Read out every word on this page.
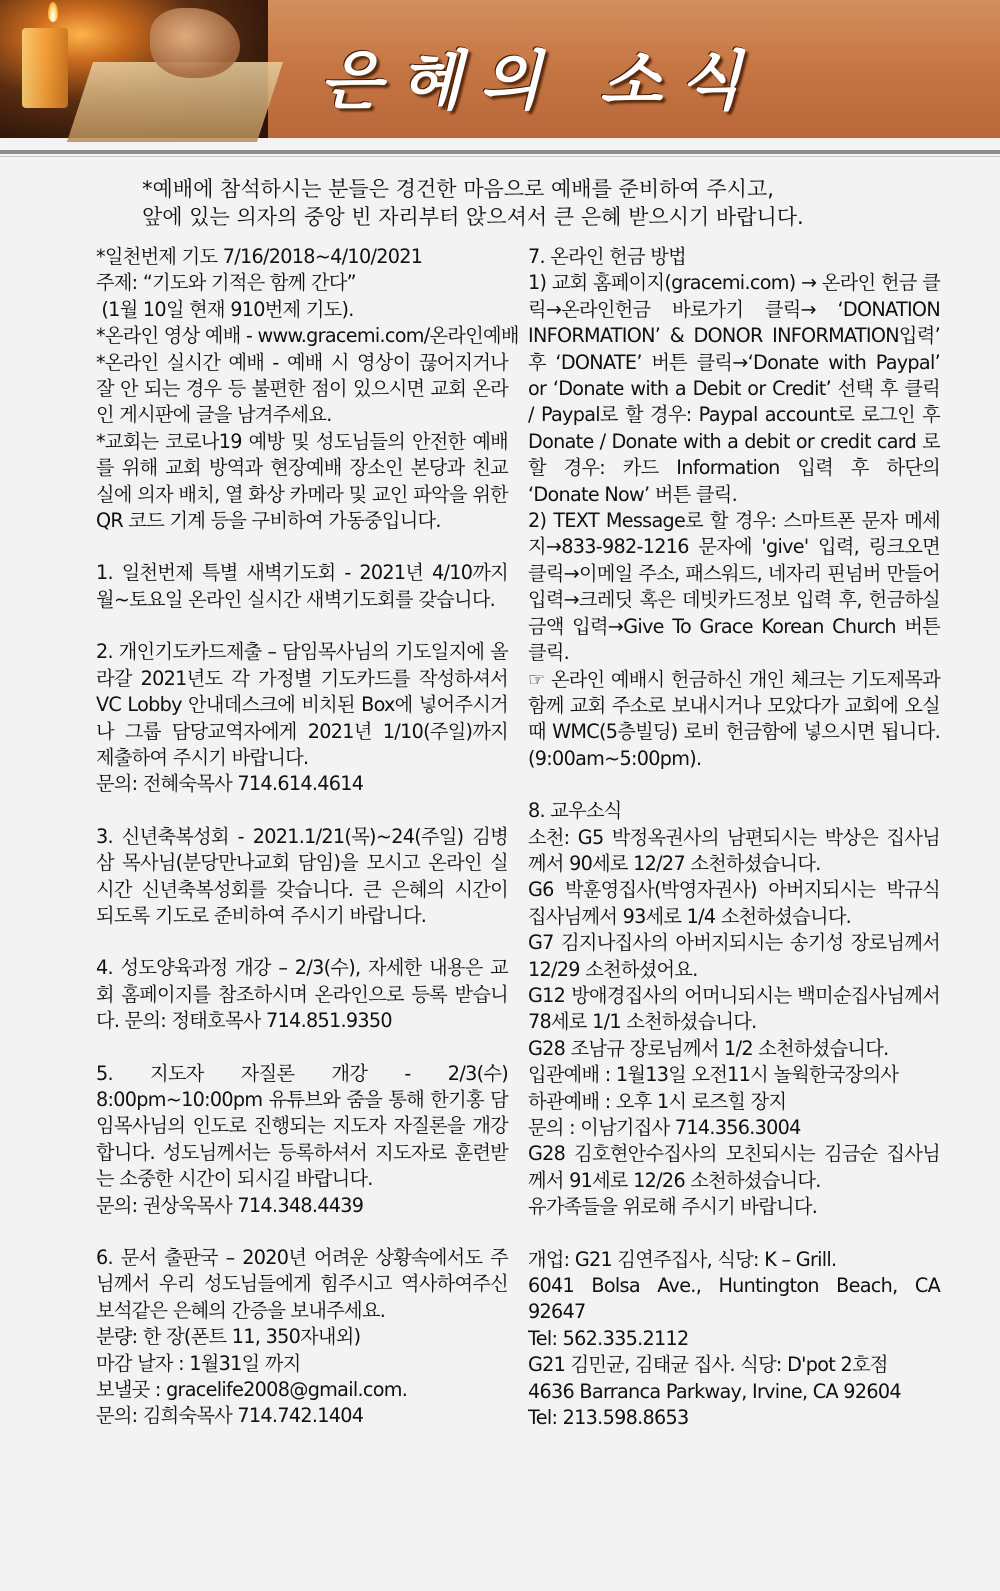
은혜의 소식

*예배에 참석하시는 분들은 경건한 마음으로 예배를 준비하여 주시고,

앞에 있는 의자의 중앙 빈 자리부터 앉으셔서 큰 은혜 받으시기 바랍니다.

*일천번제 기도 7/16/2018~4/10/2021

주제: “기도와 기적은 함께 간다”

(1월 10일 현재 910번제 기도).

*온라인 영상 예배 - www.gracemi.com/온라인예배

*온라인 실시간 예배 - 예배 시 영상이 끊어지거나 잘 안 되는 경우 등 불편한 점이 있으시면 교회 온라인 게시판에 글을 남겨주세요.

*교회는 코로나19 예방 및 성도님들의 안전한 예배를 위해 교회 방역과 현장예배 장소인 본당과 친교실에 의자 배치, 열 화상 카메라 및 교인 파악을 위한 QR 코드 기계 등을 구비하여 가동중입니다.

1. 일천번제 특별 새벽기도회 - 2021년 4/10까지 월~토요일 온라인 실시간 새벽기도회를 갖습니다.

2. 개인기도카드제출 – 담임목사님의 기도일지에 올라갈 2021년도 각 가정별 기도카드를 작성하셔서 VC Lobby 안내데스크에 비치된 Box에 넣어주시거나 그룹 담당교역자에게 2021년 1/10(주일)까지 제출하여 주시기 바랍니다.

문의: 전혜숙목사 714.614.4614

3. 신년축복성회 - 2021.1/21(목)~24(주일) 김병삼 목사님(분당만나교회 담임)을 모시고 온라인 실시간 신년축복성회를 갖습니다. 큰 은혜의 시간이 되도록 기도로 준비하여 주시기 바랍니다.

4. 성도양육과정 개강 – 2/3(수), 자세한 내용은 교회 홈페이지를 참조하시며 온라인으로 등록 받습니다. 문의: 정태호목사 714.851.9350

5. 지도자 자질론 개강 - 2/3(수) 8:00pm~10:00pm 유튜브와 줌을 통해 한기홍 담임목사님의 인도로 진행되는 지도자 자질론을 개강합니다. 성도님께서는 등록하셔서 지도자로 훈련받는 소중한 시간이 되시길 바랍니다.

문의: 권상욱목사 714.348.4439

6. 문서 출판국 – 2020년 어려운 상황속에서도 주님께서 우리 성도님들에게 힘주시고 역사하여주신 보석같은 은혜의 간증을 보내주세요.

분량: 한 장(폰트 11, 350자내외)

마감 날자 : 1월31일 까지

보낼곳 : gracelife2008@gmail.com.

문의: 김희숙목사 714.742.1404

7. 온라인 헌금 방법

1) 교회 홈페이지(gracemi.com) → 온라인 헌금 클릭→온라인헌금 바로가기 클릭→ ‘DONATION INFORMATION’ & DONOR INFORMATION입력’ 후 ‘DONATE’ 버튼 클릭→‘Donate with Paypal’ or ‘Donate with a Debit or Credit’ 선택 후 클릭 / Paypal로 할 경우: Paypal account로 로그인 후 Donate / Donate with a debit or credit card 로 할 경우: 카드 Information 입력 후 하단의 ‘Donate Now’ 버튼 클릭.

2) TEXT Message로 할 경우: 스마트폰 문자 메세지→833-982-1216 문자에 'give' 입력, 링크오면 클릭→이메일 주소, 패스워드, 네자리 핀넘버 만들어 입력→크레딧 혹은 데빗카드정보 입력 후, 헌금하실 금액 입력→Give To Grace Korean Church 버튼 클릭.

☞ 온라인 예배시 헌금하신 개인 체크는 기도제목과 함께 교회 주소로 보내시거나 모았다가 교회에 오실 때 WMC(5층빌딩) 로비 헌금함에 넣으시면 됩니다. (9:00am~5:00pm).

8. 교우소식

소천: G5 박정옥권사의 남편되시는 박상은 집사님께서 90세로 12/27 소천하셨습니다.

G6 박훈영집사(박영자권사) 아버지되시는 박규식 집사님께서 93세로 1/4 소천하셨습니다.

G7 김지나집사의 아버지되시는 송기성 장로님께서 12/29 소천하셨어요.

G12 방애경집사의 어머니되시는 백미순집사님께서 78세로 1/1 소천하셨습니다.

G28 조남규 장로님께서 1/2 소천하셨습니다.

입관예배 : 1월13일 오전11시 놀웍한국장의사

하관예배 : 오후 1시 로즈힐 장지

문의 : 이남기집사 714.356.3004

G28 김호현안수집사의 모친되시는 김금순 집사님께서 91세로 12/26 소천하셨습니다.

유가족들을 위로해 주시기 바랍니다.

개업: G21 김연주집사, 식당: K – Grill.

6041 Bolsa Ave., Huntington Beach, CA 92647

Tel: 562.335.2112

G21 김민균, 김태균 집사. 식당: D'pot 2호점

4636 Barranca Parkway, Irvine, CA 92604

Tel: 213.598.8653
